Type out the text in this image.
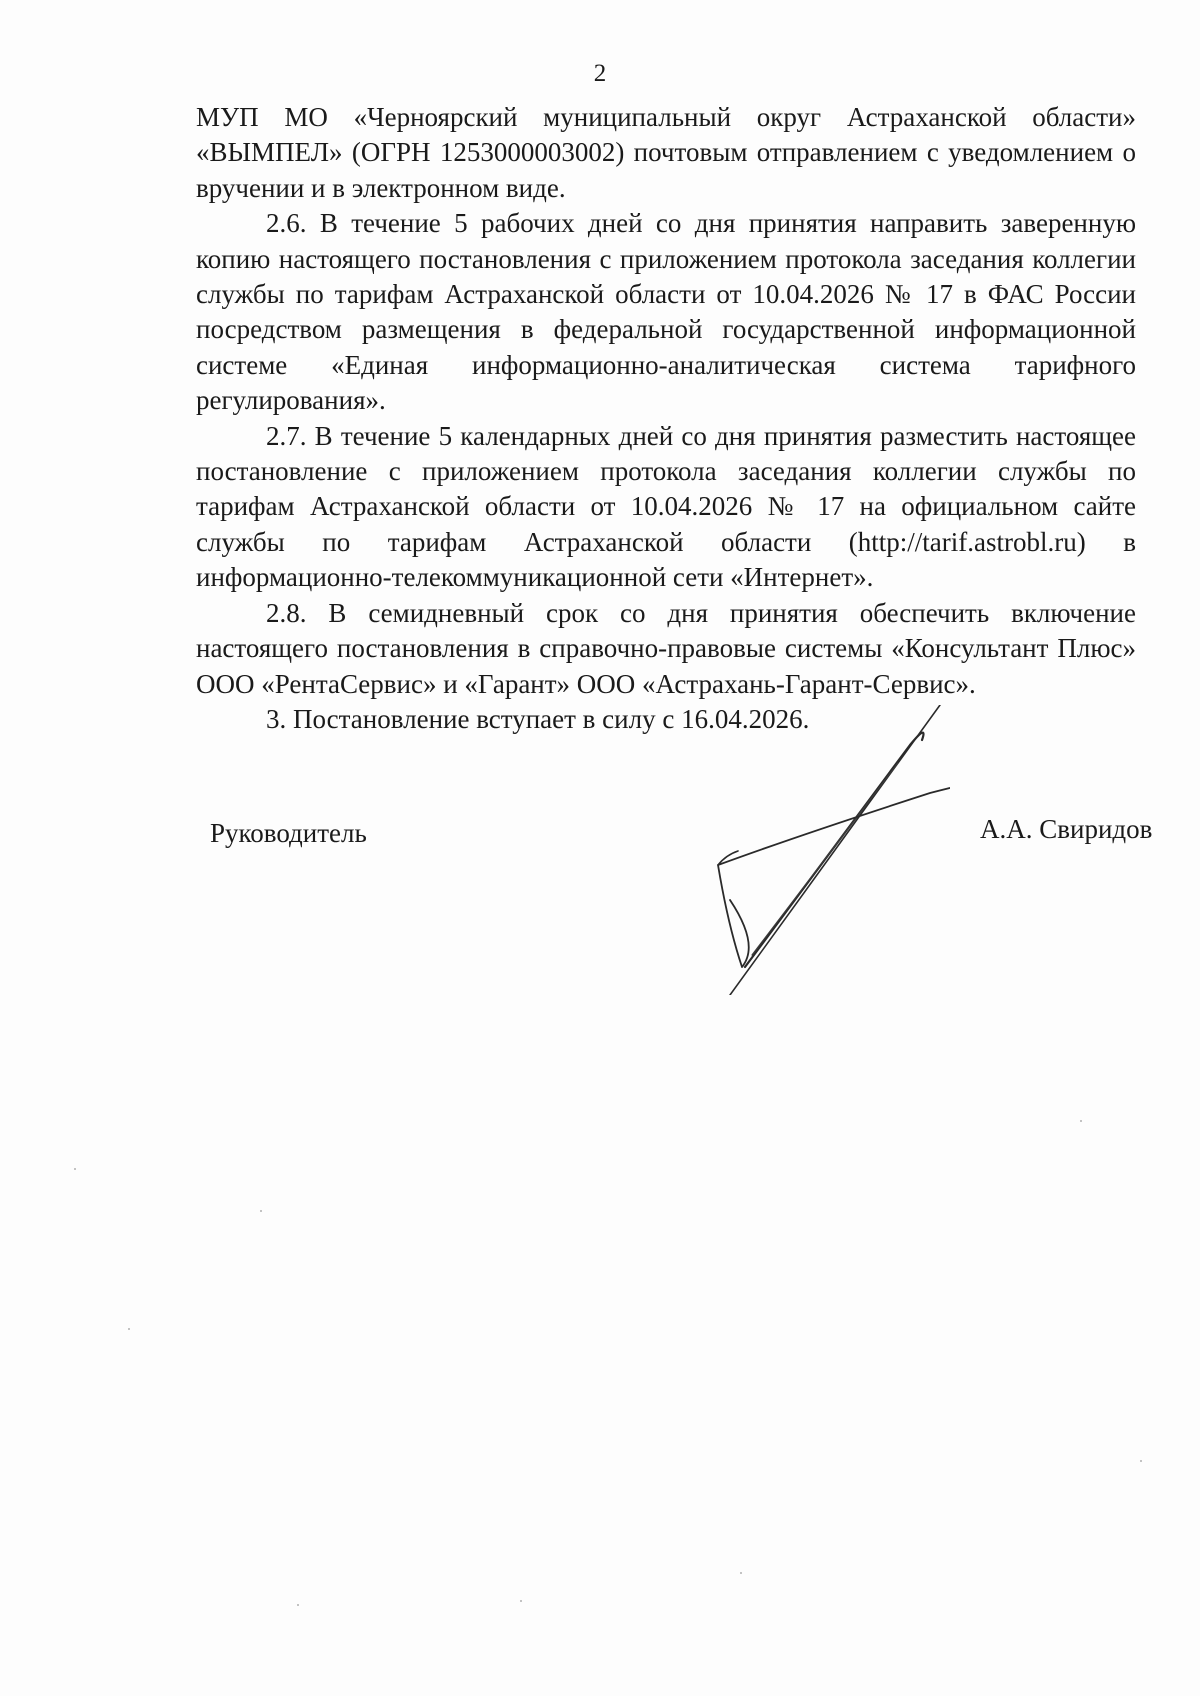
2

МУП МО «Черноярский муниципальный округ Астраханской области» «ВЫМПЕЛ» (ОГРН 1253000003002) почтовым отправлением с уведомлением о вручении и в электронном виде.

2.6. В течение 5 рабочих дней со дня принятия направить заверенную копию настоящего постановления с приложением протокола заседания коллегии службы по тарифам Астраханской области от 10.04.2026 № 17 в ФАС России посредством размещения в федеральной государственной информационной системе «Единая информационно-аналитическая система тарифного регулирования».

2.7. В течение 5 календарных дней со дня принятия разместить настоящее постановление с приложением протокола заседания коллегии службы по тарифам Астраханской области от 10.04.2026 № 17 на официальном сайте службы по тарифам Астраханской области (http://tarif.astrobl.ru) в информационно-телекоммуникационной сети «Интернет».

2.8. В семидневный срок со дня принятия обеспечить включение настоящего постановления в справочно-правовые системы «Консультант Плюс» ООО «РентаСервис» и «Гарант» ООО «Астрахань-Гарант-Сервис».

3. Постановление вступает в силу с 16.04.2026.

Руководитель	А.А. Свиридов
